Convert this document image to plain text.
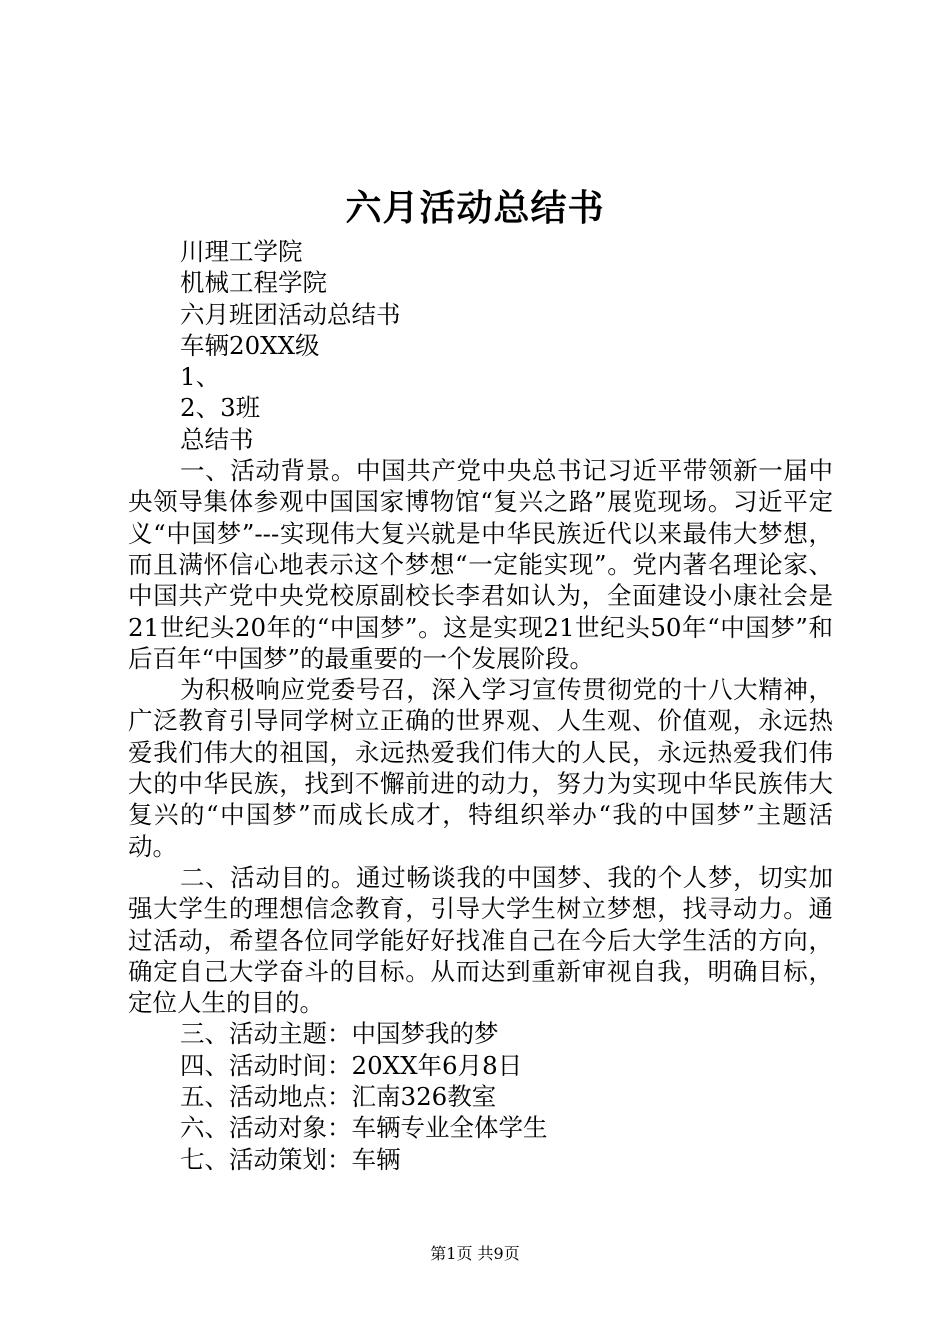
六月活动总结书

川理工学院

机械工程学院

六月班团活动总结书

车辆20XX级

1、

2、3班

总结书

一、活动背景。中国共产党中央总书记习近平带领新一届中央领导集体参观中国国家博物馆“复兴之路”展览现场。习近平定义“中国梦”---实现伟大复兴就是中华民族近代以来最伟大梦想，而且满怀信心地表示这个梦想“一定能实现”。党内著名理论家、中国共产党中央党校原副校长李君如认为，全面建设小康社会是21世纪头20年的“中国梦”。这是实现21世纪头50年“中国梦”和后百年“中国梦”的最重要的一个发展阶段。

为积极响应党委号召，深入学习宣传贯彻党的十八大精神，广泛教育引导同学树立正确的世界观、人生观、价值观，永远热爱我们伟大的祖国，永远热爱我们伟大的人民，永远热爱我们伟大的中华民族，找到不懈前进的动力，努力为实现中华民族伟大复兴的“中国梦”而成长成才，特组织举办“我的中国梦”主题活动。

二、活动目的。通过畅谈我的中国梦、我的个人梦，切实加强大学生的理想信念教育，引导大学生树立梦想，找寻动力。通过活动，希望各位同学能好好找准自己在今后大学生活的方向，确定自己大学奋斗的目标。从而达到重新审视自我，明确目标，定位人生的目的。

三、活动主题：中国梦我的梦

四、活动时间：20XX年6月8日

五、活动地点：汇南326教室

六、活动对象：车辆专业全体学生

七、活动策划：车辆

第1页 共9页
